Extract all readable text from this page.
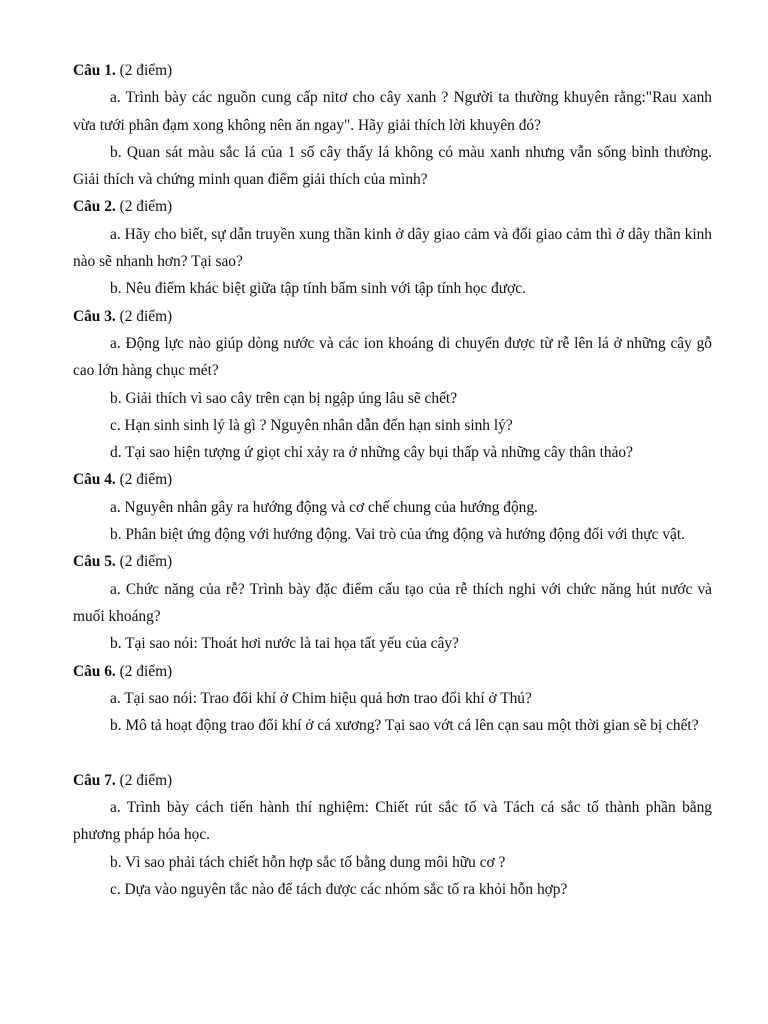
Câu 1. (2 điểm)

a. Trình bày các nguồn cung cấp nitơ cho cây xanh ? Người ta thường khuyên rằng:"Rau xanh vừa tưới phân đạm xong không nên ăn ngay". Hãy giải thích lời khuyên đó?

b. Quan sát màu sắc lá của 1 số cây thấy lá không có màu xanh nhưng vẫn sống bình thường. Giải thích và chứng minh quan điểm giải thích của mình?

Câu 2. (2 điểm)

a. Hãy cho biết, sự dẫn truyền xung thần kinh ở dây giao cảm và đối giao cảm thì ở dây thần kinh nào sẽ nhanh hơn? Tại sao?

b. Nêu điểm khác biệt giữa tập tính bẩm sinh với tập tính học được.

Câu 3. (2 điểm)

a. Động lực nào giúp dòng nước và các ion khoáng di chuyển được từ rễ lên lá ở những cây gỗ cao lớn hàng chục mét?

b. Giải thích vì sao cây trên cạn bị ngập úng lâu sẽ chết?

c. Hạn sinh sinh lý là gì ? Nguyên nhân dẫn đến hạn sinh sinh lý?

d. Tại sao hiện tượng ứ giọt chỉ xảy ra ở những cây bụi thấp và những cây thân thảo?

Câu 4. (2 điểm)

a. Nguyên nhân gây ra hướng động và cơ chế chung của hướng động.

b. Phân biệt ứng động với hướng động. Vai trò của ứng động và hướng động đối với thực vật.

Câu 5. (2 điểm)

a. Chức năng của rễ? Trình bày đặc điểm cấu tạo của rễ thích nghi với chức năng hút nước và muối khoáng?

b. Tại sao nói: Thoát hơi nước là tai họa tất yếu của cây?

Câu 6. (2 điểm)

a. Tại sao nói: Trao đổi khí ở Chim hiệu quả hơn trao đổi khí ở Thú?

b. Mô tả hoạt động trao đổi khí ở cá xương? Tại sao vớt cá lên cạn sau một thời gian sẽ bị chết?

Câu 7. (2 điểm)

a. Trình bày cách tiến hành thí nghiệm: Chiết rút sắc tố và Tách cá sắc tố thành phần bằng phương pháp hóa học.

b. Vì sao phải tách chiết hỗn hợp sắc tố bằng dung môi hữu cơ ?

c. Dựa vào nguyên tắc nào để tách được các nhóm sắc tố ra khỏi hỗn hợp?
